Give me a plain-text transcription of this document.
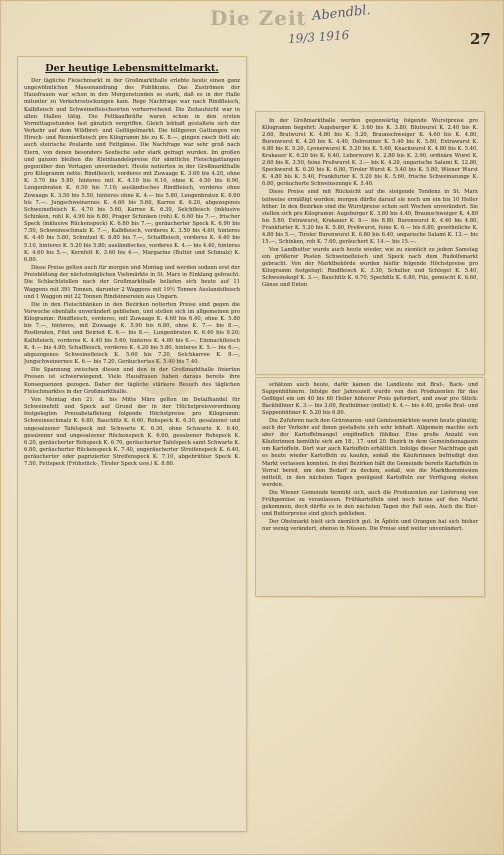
Die Zeit Abendbl.
19/3 1916	27
Der heutige Lebensmittelmarkt.

Der tägliche Fleischmarkt in der Großmarkthalle erlebte heute einen ganz ungewöhnlichen Massenandrang des Publikums. Das Zuströmen der Hausfrauen war schon in den Morgenstunden so stark, daß es in der Halle mitunter zu Verkehrsstockungen kam. Rege Nachfrage war nach Rindfleisch, Kalbfleisch und Schweinefleischsorten vorherrschend. Die Zeitaufsicht war in allen Hallen tätig. Die Fettkaufkräfte waren schon in den ersten Vormittagsstunden fast gänzlich vergriffen. Gleich lebhaft gestaltete sich der Verkehr auf dem Wildbret- und Geflügelmarkt. Die billigeren Gattungen von Hirsch- und Rennierfleisch pro Kilogramm bis zu K. 8.—, gingen rasch flott ab; auch steirische Poularde und Fettgänse. Die Nachfrage war sehr groß nach Eiern, von denen besonders Seefische sehr stark gefragt wurden. Im großen und ganzen bleiben die Kleinhandelspreise für sämtliche Fleischgattungen gegenüber den Vortagen unverändert. Heute notierten in der Großmarkthalle pro Kilogramm netto: Rindfleisch, vorderes mit Zuwaage K. 3.60 bis 4.20, ohne K. 3.70 bis 5.80, hinteres mit K. 4.10 bis 6.10, ohne K. 4.50 bis 6.90, Lungenbraten K. 6.50 bis 7.10; ausländisches Rindfleisch, vorderes ohne Zuwaage K. 3.50 bis 5.50, hinteres ohne K. 4.— bis 5.80, Lungenbraten K. 6.60 bis 7.—. Jungschweinernes K. 4.60 bis 5.60, Karree K. 6.20, abgezogenes Schweinefleisch K. 4.70 bis 5.60, Karree K. 6.30, Selchfleisch (inklusive Schinken, roh) K. 4.90 bis 6.80, Prager Schinken (roh) K. 6.60 bis 7.—, frischer Speck (inklusive Rückenspeck) K. 6.80 bis 7.—, geräucherter Speck K. 6.90 bis 7.50, Schweineschmalz K. 7.—, Kalbfleisch, vorderes K. 3.50 bis 4.60, hinteres K. 4.40 bis 5.80, Schnitzel K. 6.80 bis 7.—, Schaffleisch, vorderes K. 4.40 bis 5.10, hinteres K. 5.20 bis 5.80; ausländisches, vorderes K. 4.— bis 4.40, hinteres K. 4.60 bis 5.—, Kernfett K. 3.60 bis 4.—, Margarine (Butter und Schmalz) K. 6.80.

Diese Preise gelten auch für morgen und Montag und werden sodann erst der Preisbildung der nächstmöglichen Viehmärkte in St. Marx in Einklang gebracht. Die Schlachtstellen nach der Großmarkthalle beliefen sich heute auf 11 Waggons mit 391 Tonnen, darunter 2 Waggons mit 19½ Tonnen Auslandsfleisch und 1 Waggon mit 22 Tonnen Rindsinnereien aus Ungarn.

Die in den Fleischbänken in den Bezirken notierten Preise sind gegen die Vorwoche ebenfalls unverändert geblieben, und stellen sich im allgemeinen pro Kilogramm: Rindfleisch, vorderes, mit Zuwaage K. 4.60 bis 6.40, ohne K. 5.80 bis 7.—, hinteres, mit Zuwaage K. 5.90 bis 6.80, ohne K. 7.— bis 8.—, Rostbraten, Filet und Beiried K. 6.— bis 8.—, Lungenbraten K. 6.40 bis 9.20; Kalbfleisch, vorderes K. 4.40 bis 5.60, hinteres K. 4.80 bis 6.—, Einmachfleisch K. 4.— bis 4.80; Schaffleisch, vorderes K. 4.20 bis 5.80, hinteres K. 5.— bis 6.—, abgezogenes Schweinefleisch K. 5.60 bis 7.20, Selchkarree K. 8.—, Jungschweinernes K. 6.— bis 7.20, Geräuchertes K. 5.40 bis 7.40.

Die Spannung zwischen diesen und den in der Großmarkthalle fixierten Preisen ist schwerwiegend. Viele Hausfrauen haben daraus bereits ihre Konsequenzen gezogen. Daher der tägliche stärkere Besuch des täglichen Fleischmarktes in der Großmarkthalle.

Von Montag den 21. d. bis Mitte März gelten im Detailhandel für Schweinefett und Speck auf Grund der in der Höchstpreisverordnung festgelegten Preisabstaffelung folgende Höchstpreise pro Kilogramm: Schweineschmalz K. 6.80, Bauchfilz K. 6.60, Rohspeck K. 6.30, gesalzener und ungesalzener Tafelspeck mit Schwarte K. 6.30, ohne Schwarte K. 6.40, gesalzener und ungesalzener Rückenspeck K. 6.60, gesalzener Rohspeck K. 6.20, geräucherter Rohspeck K. 6.70, geräucherter Tafelspeck samt Schwarte K. 6.80, geräucherter Rückenspeck K. 7.40, ungeräucherter Streifenspeck K. 6.40, geräucherter oder paprizierter Streifenspeck K. 7.10, abgebrühter Speck K. 7.50, Fettspeck (Frühstück-, Tiroler Speck usw.) K. 8.60.

In der Großmarkthalle werden gegenwärtig folgende Wurstpreise pro Kilogramm begehrt: Augsburger K. 3.60 bis K. 3.80, Blutwurst K. 2.40 bis K. 2.60, Bratwurst K. 4.80 bis K. 5.20, Braunschweiger K. 4.60 bis K. 4.80, Burenwurst K. 4.20 bis K. 4.40, Debreziner K. 5.40 bis K. 5.80, Extrawurst K. 4.80 bis K. 5.20, Lyonerwurst K. 5.20 bis K. 5.60, Knackwurst K. 4.80 bis K. 5.40, Krakauer K. 6.20 bis K. 6.40, Leberwurst K. 2.80 bis K. 2.90, ordinäre Wurst K. 2.60 bis K. 3.50, feine Preßwurst K. 3.— bis K. 4.20, ungarische Salami K. 12.80, Speckwurst K. 6.20 bis K. 6.80, Tiroler Wurst K. 5.40 bis K. 5.80, Wiener Wurst K. 4.80 bis K. 5.40, Frankfurter K. 5.20 bis K. 5.60, frische Schweinszunge K. 6.80, geräucherte Schweinszunge K. 5.40.

Diese Preise sind mit Rücksicht auf die steigende Tendenz in St. Marx teilweise ermäßigt worden; morgen dürfte darauf sie noch um ein bis 10 Heller höher. In den Bezirken sind die Wurstpreise schon seit Wochen unverändert. Sie stellen sich pro Kilogramm: Augsburger K. 3.80 bis 4.40, Braunschweiger K. 4.80 bis 5.80, Extrawurst, Krakauer K. 8.— bis 8.80, Burenwurst K. 4.40 bis 4.80, Frankfurter K. 5.20 bis K. 5.80, Preßwurst, feine K. 6.— bis 6.80, gewöhnliche K. 4.80 bis 5.—, Tiroler Burenwurst K. 6.80 bis 6.40, ungarische Salami K. 12.— bis 15.—, Schinken, roh K. 7.60, geräuchert K. 14.— bis 15.—.

Von Landbutter wurde auch heute wieder, wie zu ziemlich zu jedem Samstag ein größerer Posten Schweinefleisch und Speck nach dem Rudolfsmarkt gebracht. Von der Marktbehörde wurden hiefür folgende Höchstpreise pro Kilogramm festgelegt: Rindfleisch K. 3.30, Schulter und Schlegel K. 5.40, Schweinskopf K. 3.—, Bauchfilz K. 6.70, Speckfilz K. 6.80, Filz, gemischt K. 6.60, Gänse und Enten

schätzen auch heute, dafür kamen die Landleute mit Brat-, Back- und Suppenhühnern. Infolge der Jahreszeit wurde von den Produzenten für das Geflügel ein um 40 bis 60 Heller höherer Preis gefordert, und zwar pro Stück: Backhühner K. 3.— bis 3.60, Brathühner (mittel) K. 4.— bis 4.40, große Brat- und Suppenhühner K. 5.20 bis 6.80.

Die Zufuhren nach den Grünwaren- und Gemüsemärkten waren heute günstig; auch der Verkehr auf ihnen gestaltete sich sehr lebhaft. Allgemein machte sich aber der Kartoffelmangel empfindlich fühlbar. Eine große Anzahl von Käuferinnen bemühte sich am 18., 17. und 20. Bezirk in dem Gemeindemagazin um Kartoffeln. Dort war auch Kartoffeln erhältlich. Infolge dieser Nachfrage gab es heute wieder Kartoffeln zu kaufen, sodaß die Käuferinnen befriedigt den Markt verlassen konnten. In den Bezirken hält die Gemeinde bereits Kartoffeln in Vorrat bereit, um den Bedarf zu decken, sodaß, wie die Marktkommission mitteilt, in den nächsten Tagen genügend Kartoffeln zur Verfügung stehen werden.

Die Wiener Gemeinde bemüht sich, auch die Produzenten zur Lieferung von Frühgemüse zu veranlassen. Frühkartoffeln sind noch keine auf den Markt gekommen, doch dürfte es in den nächsten Tagen der Fall sein. Auch die Eier- und Butterpreise sind gleich geblieben.

Der Obstmarkt hielt sich ziemlich gut. In Äpfeln und Orangen hat sich bisher nur wenig verändert, ebenso in Nüssen. Die Preise sind weiter unverändert.
